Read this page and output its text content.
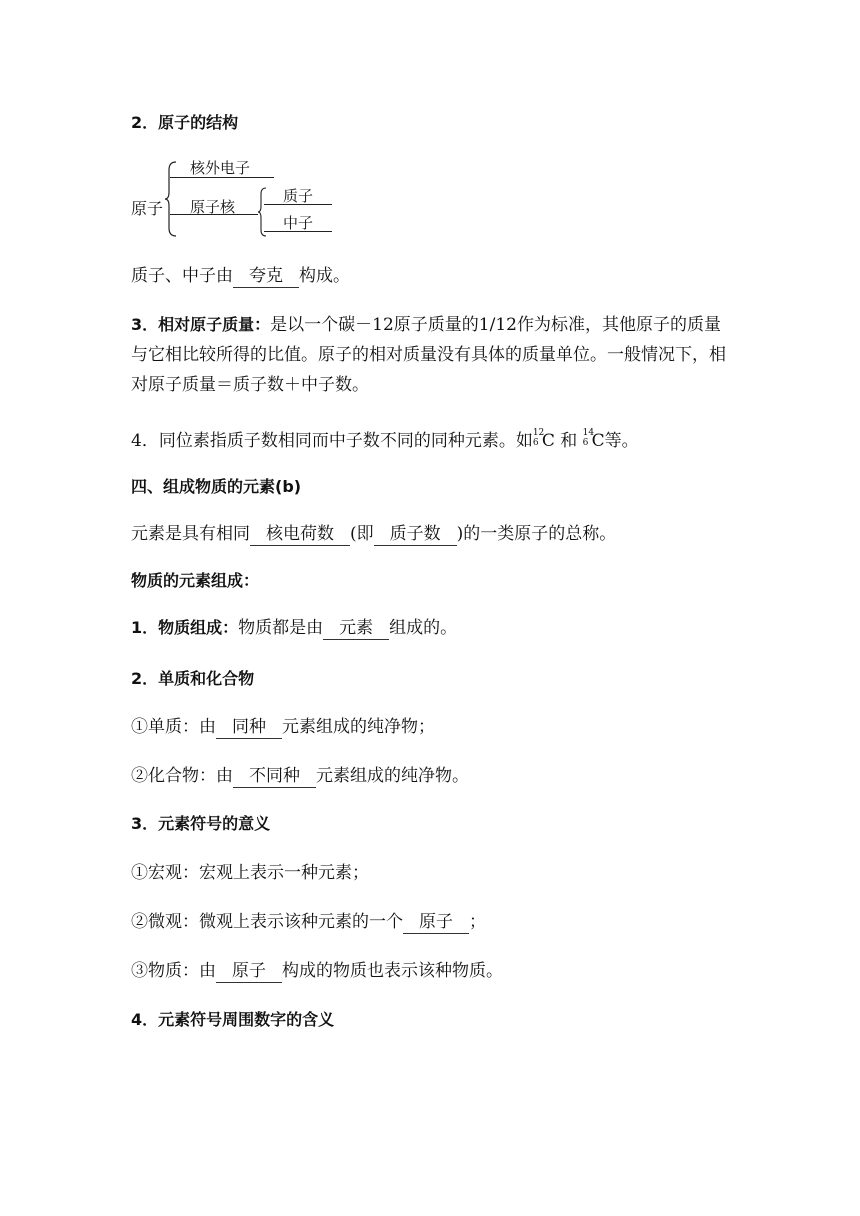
2．原子的结构
原子
核外电子
原子核
质子
中子
质子、中子由 夸克 构成。
3．相对原子质量：是以一个碳－12原子质量的1/12作为标准，其他原子的质量
与它相比较所得的比值。原子的相对质量没有具体的质量单位。一般情况下，相
对原子质量＝质子数＋中子数。
4．同位素指质子数相同而中子数不同的同种元素。如 12
6 C 和 14
6 C等。
四、组成物质的元素(b)
元素是具有相同 核电荷数 (即 质子数 )的一类原子的总称。
物质的元素组成：
1．物质组成：物质都是由 元素 组成的。
2．单质和化合物
①单质：由 同种 元素组成的纯净物；
②化合物：由 不同种 元素组成的纯净物。
3．元素符号的意义
①宏观：宏观上表示一种元素；
②微观：微观上表示该种元素的一个 原子 ；
③物质：由 原子 构成的物质也表示该种物质。
4．元素符号周围数字的含义
